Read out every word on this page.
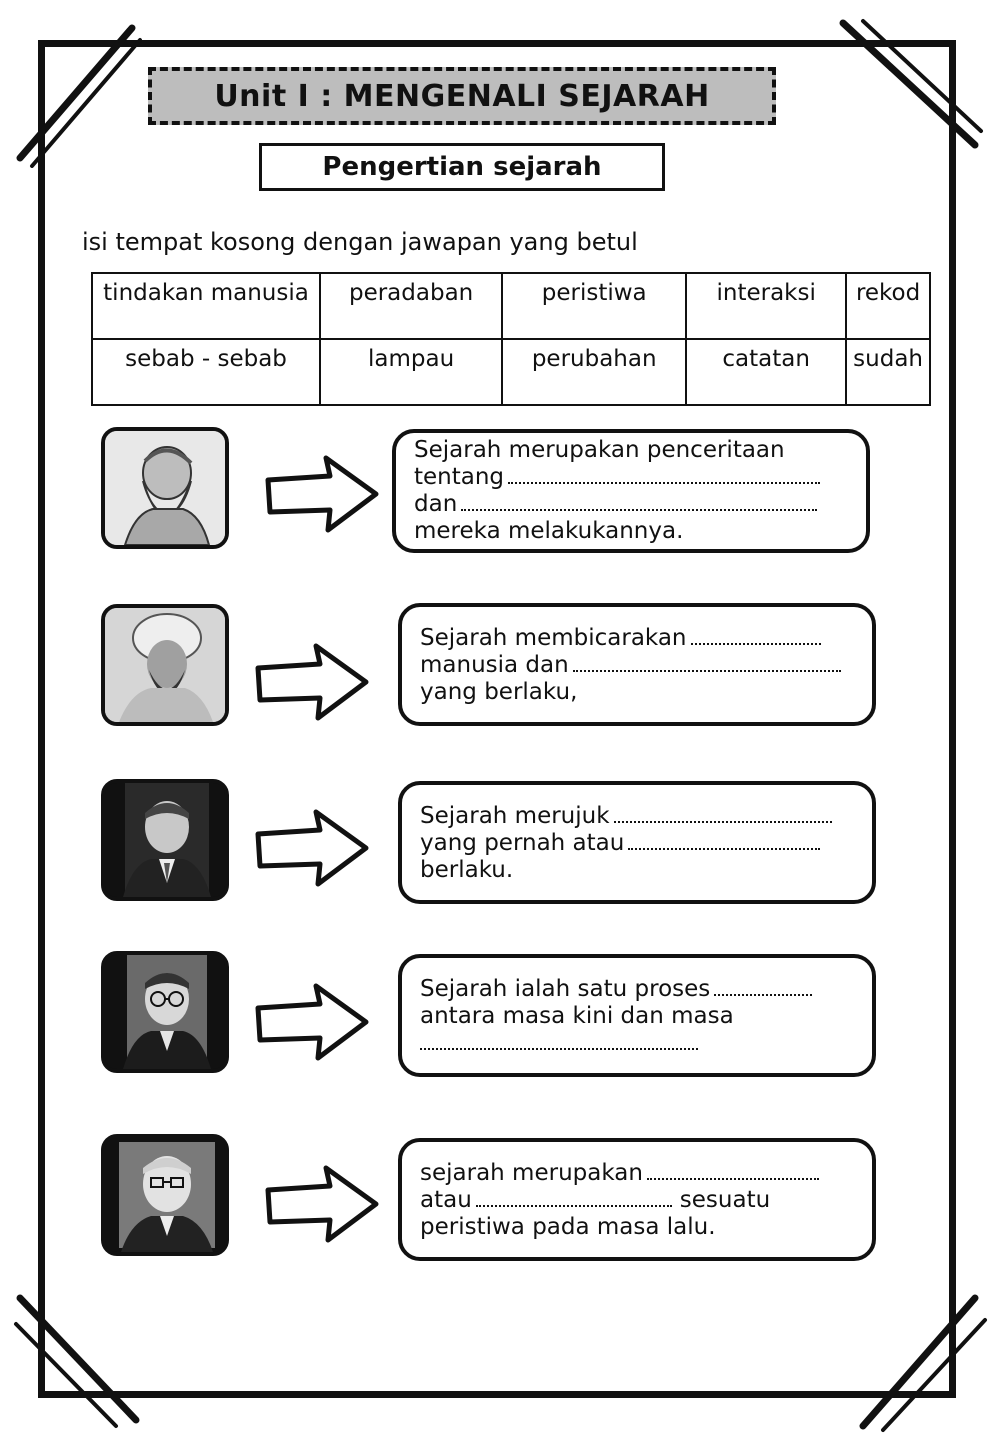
Unit I : MENGENALI SEJARAH
Pengertian sejarah
isi tempat kosong dengan jawapan yang betul
tindakan manusia	peradaban	peristiwa	interaksi	rekod
sebab - sebab	lampau	perubahan	catatan	sudah
Sejarah merupakan penceritaan
tentang
dan
mereka melakukannya.
Sejarah membicarakan
manusia dan
yang berlaku,
Sejarah merujuk
yang pernah atau
berlaku.
Sejarah ialah satu proses
antara masa kini dan masa
sejarah merupakan
atau	sesuatu
peristiwa pada masa lalu.
